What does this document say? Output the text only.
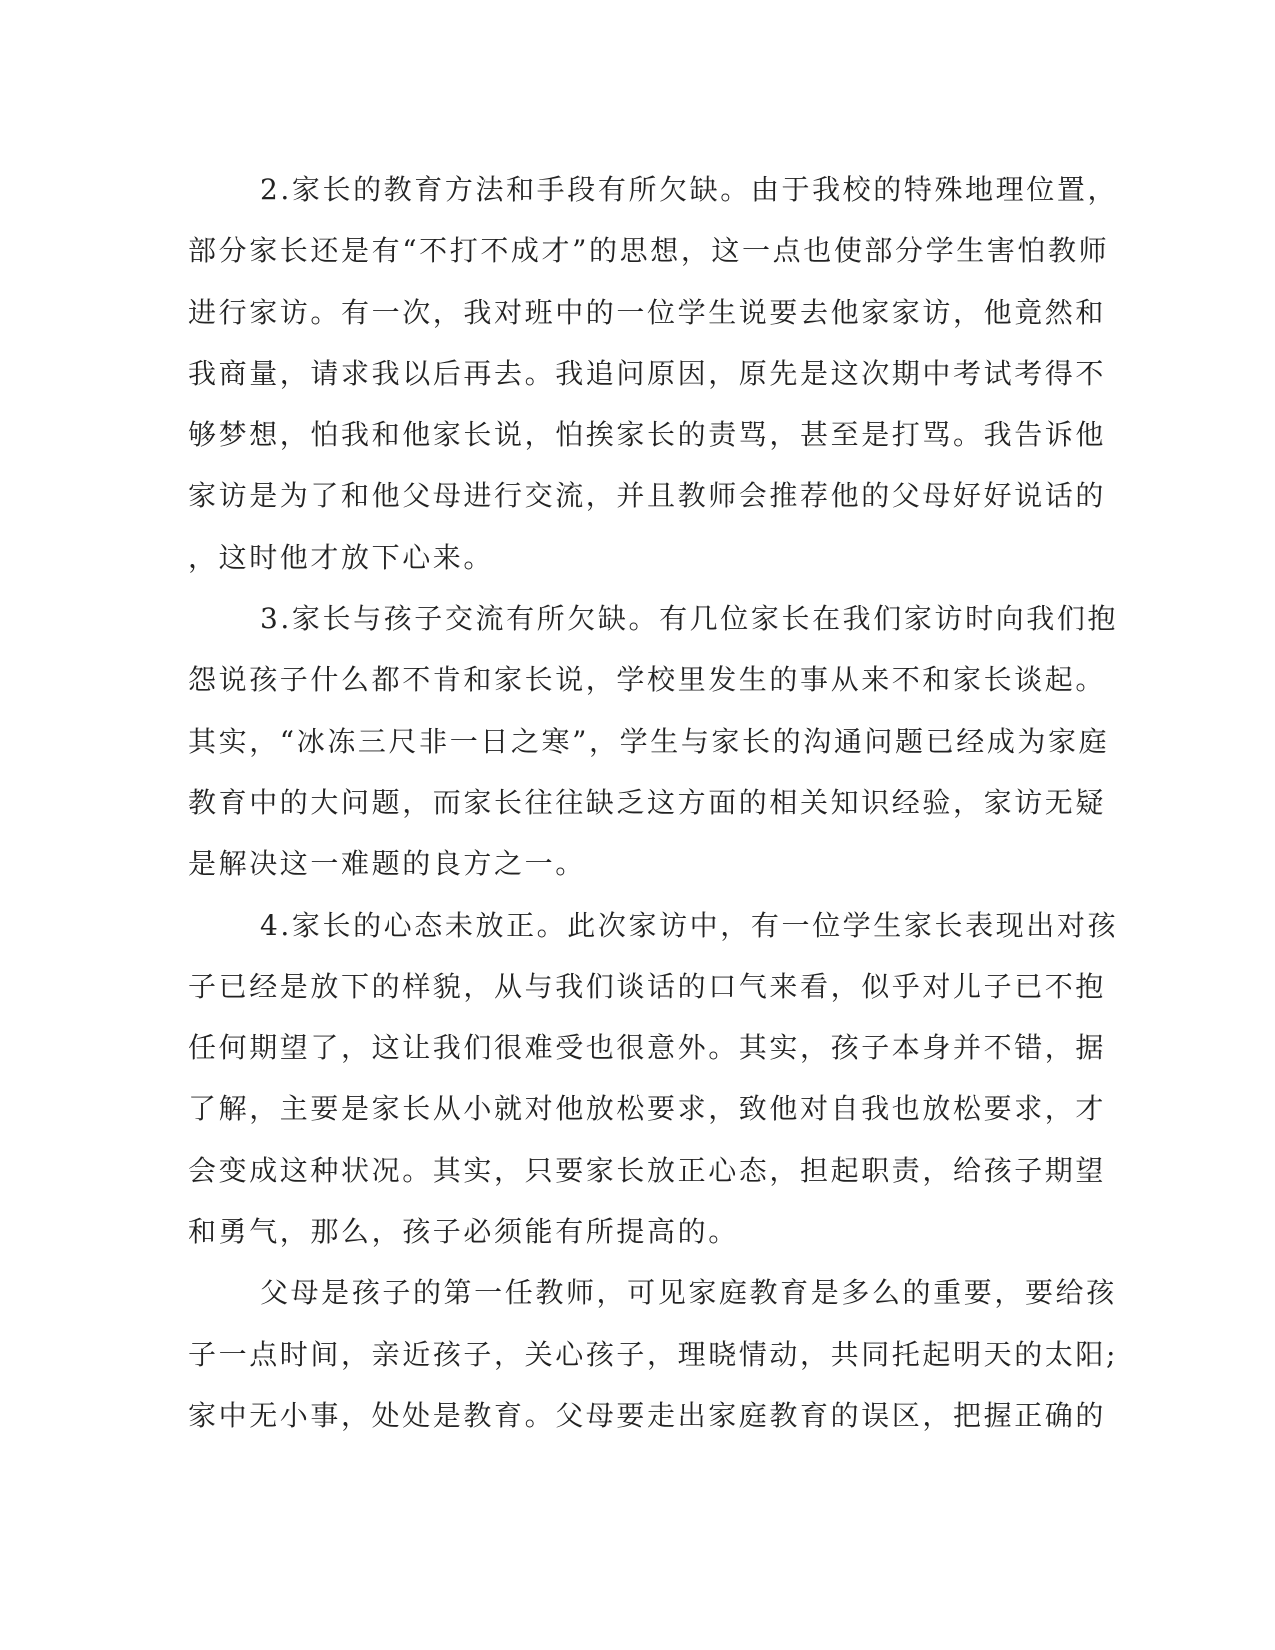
2.家长的教育方法和手段有所欠缺。由于我校的特殊地理位置，
部分家长还是有“不打不成才”的思想，这一点也使部分学生害怕教师
进行家访。有一次，我对班中的一位学生说要去他家家访，他竟然和
我商量，请求我以后再去。我追问原因，原先是这次期中考试考得不
够梦想，怕我和他家长说，怕挨家长的责骂，甚至是打骂。我告诉他
家访是为了和他父母进行交流，并且教师会推荐他的父母好好说话的
，这时他才放下心来。

3.家长与孩子交流有所欠缺。有几位家长在我们家访时向我们抱
怨说孩子什么都不肯和家长说，学校里发生的事从来不和家长谈起。
其实，“冰冻三尺非一日之寒”，学生与家长的沟通问题已经成为家庭
教育中的大问题，而家长往往缺乏这方面的相关知识经验，家访无疑
是解决这一难题的良方之一。

4.家长的心态未放正。此次家访中，有一位学生家长表现出对孩
子已经是放下的样貌，从与我们谈话的口气来看，似乎对儿子已不抱
任何期望了，这让我们很难受也很意外。其实，孩子本身并不错，据
了解，主要是家长从小就对他放松要求，致他对自我也放松要求，才
会变成这种状况。其实，只要家长放正心态，担起职责，给孩子期望
和勇气，那么，孩子必须能有所提高的。

父母是孩子的第一任教师，可见家庭教育是多么的重要，要给孩
子一点时间，亲近孩子，关心孩子，理晓情动，共同托起明天的太阳;
家中无小事，处处是教育。父母要走出家庭教育的误区，把握正确的
